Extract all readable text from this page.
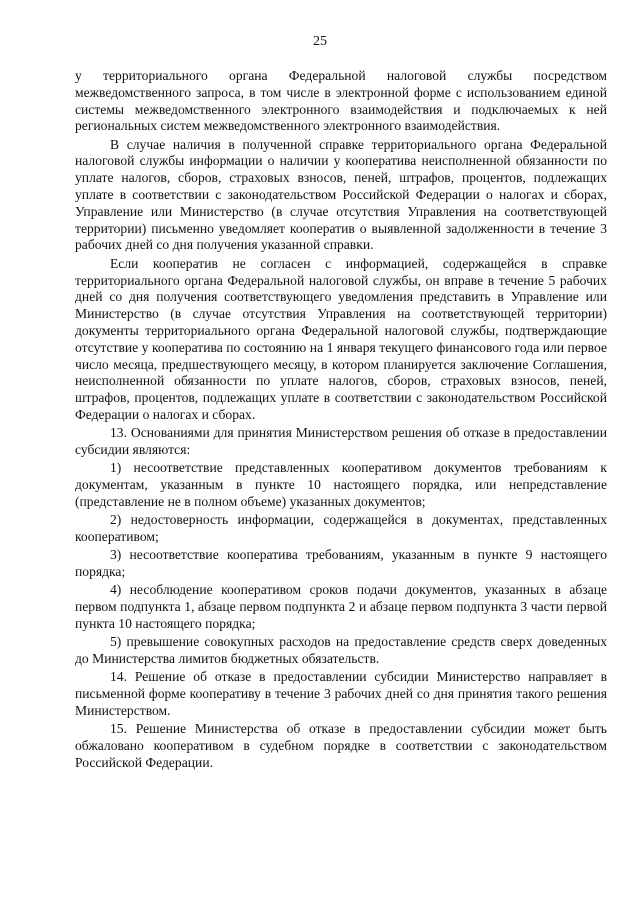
25

у территориального органа Федеральной налоговой службы посредством межведомственного запроса, в том числе в электронной форме с использованием единой системы межведомственного электронного взаимодействия и подключаемых к ней региональных систем межведомственного электронного взаимодействия.

В случае наличия в полученной справке территориального органа Федеральной налоговой службы информации о наличии у кооператива неисполненной обязанности по уплате налогов, сборов, страховых взносов, пеней, штрафов, процентов, подлежащих уплате в соответствии с законодательством Российской Федерации о налогах и сборах, Управление или Министерство (в случае отсутствия Управления на соответствующей территории) письменно уведомляет кооператив о выявленной задолженности в течение 3 рабочих дней со дня получения указанной справки.

Если кооператив не согласен с информацией, содержащейся в справке территориального органа Федеральной налоговой службы, он вправе в течение 5 рабочих дней со дня получения соответствующего уведомления представить в Управление или Министерство (в случае отсутствия Управления на соответствующей территории) документы территориального органа Федеральной налоговой службы, подтверждающие отсутствие у кооператива по состоянию на 1 января текущего финансового года или первое число месяца, предшествующего месяцу, в котором планируется заключение Соглашения, неисполненной обязанности по уплате налогов, сборов, страховых взносов, пеней, штрафов, процентов, подлежащих уплате в соответствии с законодательством Российской Федерации о налогах и сборах.

13. Основаниями для принятия Министерством решения об отказе в предоставлении субсидии являются:

1) несоответствие представленных кооперативом документов требованиям к документам, указанным в пункте 10 настоящего порядка, или непредставление (представление не в полном объеме) указанных документов;

2) недостоверность информации, содержащейся в документах, представленных кооперативом;

3) несоответствие кооператива требованиям, указанным в пункте 9 настоящего порядка;

4) несоблюдение кооперативом сроков подачи документов, указанных в абзаце первом подпункта 1, абзаце первом подпункта 2 и абзаце первом подпункта 3 части первой пункта 10 настоящего порядка;

5) превышение совокупных расходов на предоставление средств сверх доведенных до Министерства лимитов бюджетных обязательств.

14. Решение об отказе в предоставлении субсидии Министерство направляет в письменной форме кооперативу в течение 3 рабочих дней со дня принятия такого решения Министерством.

15. Решение Министерства об отказе в предоставлении субсидии может быть обжаловано кооперативом в судебном порядке в соответствии с законодательством Российской Федерации.
